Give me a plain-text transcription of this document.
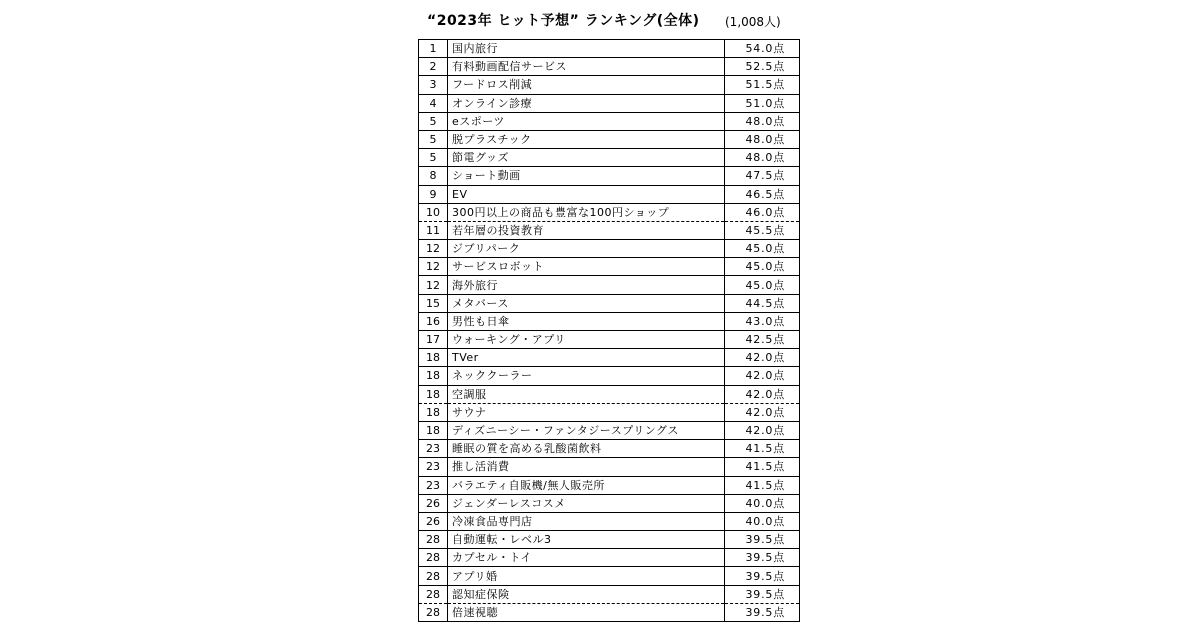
“2023年 ヒット予想” ランキング(全体) (1,008人)
1	国内旅行	54.0点
2	有料動画配信サービス	52.5点
3	フードロス削減	51.5点
4	オンライン診療	51.0点
5	eスポーツ	48.0点
5	脱プラスチック	48.0点
5	節電グッズ	48.0点
8	ショート動画	47.5点
9	EV	46.5点
10	300円以上の商品も豊富な100円ショップ	46.0点
11	若年層の投資教育	45.5点
12	ジブリパーク	45.0点
12	サービスロボット	45.0点
12	海外旅行	45.0点
15	メタバース	44.5点
16	男性も日傘	43.0点
17	ウォーキング・アプリ	42.5点
18	TVer	42.0点
18	ネッククーラー	42.0点
18	空調服	42.0点
18	サウナ	42.0点
18	ディズニーシー・ファンタジースプリングス	42.0点
23	睡眠の質を高める乳酸菌飲料	41.5点
23	推し活消費	41.5点
23	バラエティ自販機/無人販売所	41.5点
26	ジェンダーレスコスメ	40.0点
26	冷凍食品専門店	40.0点
28	自動運転・レベル3	39.5点
28	カプセル・トイ	39.5点
28	アプリ婚	39.5点
28	認知症保険	39.5点
28	倍速視聴	39.5点
